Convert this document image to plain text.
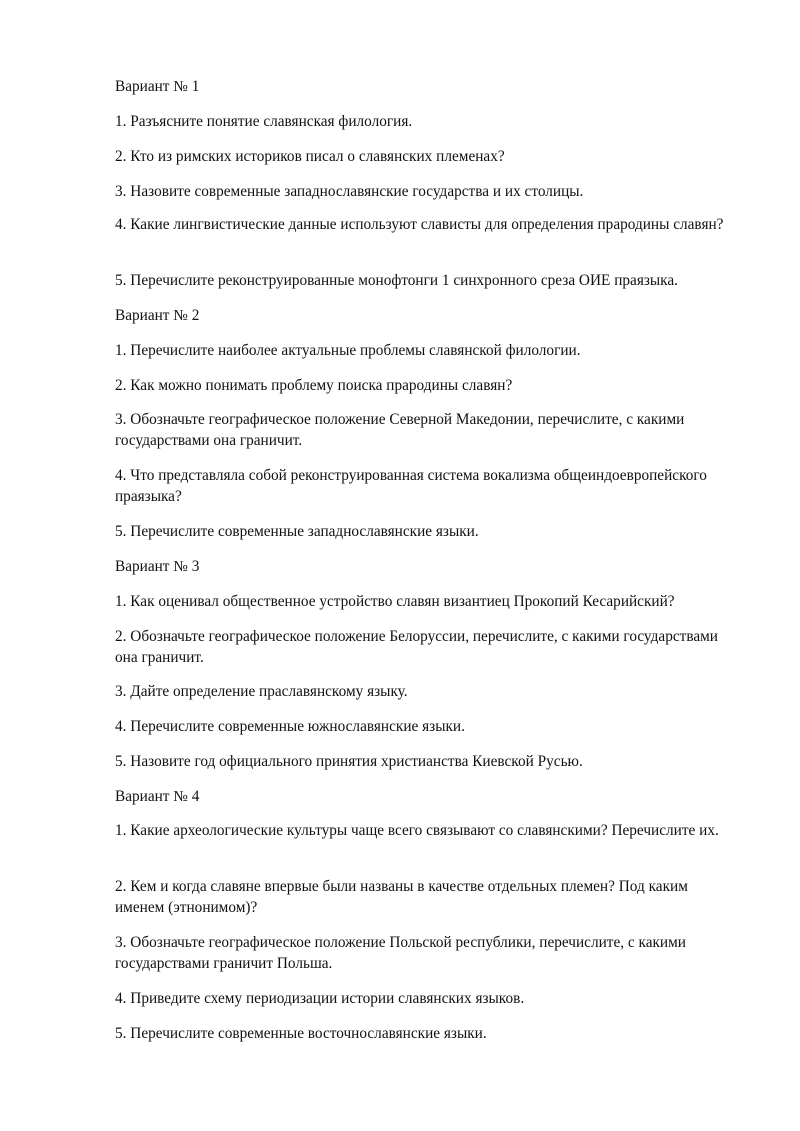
Вариант № 1

1. Разъясните понятие славянская филология.

2. Кто из римских историков писал о славянских племенах?

3. Назовите современные западнославянские государства и их столицы.

4. Какие лингвистические данные используют слависты для определения прародины славян?

5. Перечислите реконструированные монофтонги 1 синхронного среза ОИЕ праязыка.

Вариант № 2

1. Перечислите наиболее актуальные проблемы славянской филологии.

2. Как можно понимать проблему поиска прародины славян?

3. Обозначьте географическое положение Северной Македонии, перечислите, с какими государствами она граничит.

4. Что представляла собой реконструированная система вокализма общеиндоевропейского праязыка?

5. Перечислите современные западнославянские языки.

Вариант № 3

1. Как оценивал общественное устройство славян византиец Прокопий Кесарийский?

2. Обозначьте географическое положение Белоруссии, перечислите, с какими государствами она граничит.

3. Дайте определение праславянскому языку.

4. Перечислите современные южнославянские языки.

5. Назовите год официального принятия христианства Киевской Русью.

Вариант № 4

1. Какие археологические культуры чаще всего связывают со славянскими? Перечислите их.

2. Кем и когда славяне впервые были названы в качестве отдельных племен? Под каким именем (этнонимом)?

3. Обозначьте географическое положение Польской республики, перечислите, с какими государствами граничит Польша.

4. Приведите схему периодизации истории славянских языков.

5. Перечислите современные восточнославянские языки.
